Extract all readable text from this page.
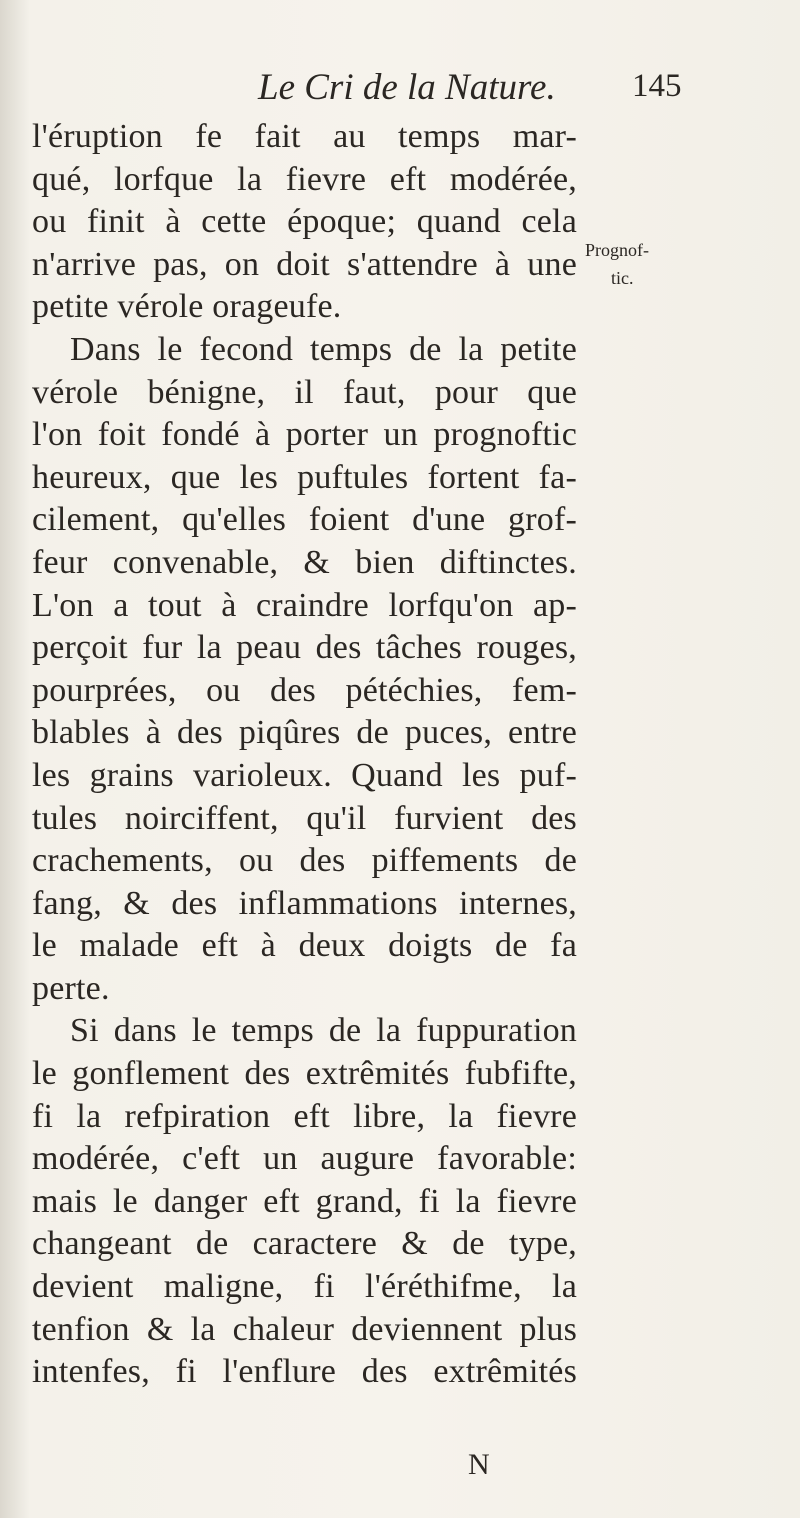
Le Cri de la Nature. 145
l'éruption fe fait au temps mar-
qué, lorfque la fievre eft modérée,
ou finit à cette époque; quand cela
n'arrive pas, on doit s'attendre à une
petite vérole orageufe.
Dans le fecond temps de la petite
vérole bénigne, il faut, pour que
l'on foit fondé à porter un prognoftic
heureux, que les puftules fortent fa-
cilement, qu'elles foient d'une grof-
feur convenable, & bien diftinctes.
L'on a tout à craindre lorfqu'on ap-
perçoit fur la peau des tâches rouges,
pourprées, ou des pétéchies, fem-
blables à des piqûres de puces, entre
les grains varioleux. Quand les puf-
tules noirciffent, qu'il furvient des
crachements, ou des piffements de
fang, & des inflammations internes,
le malade eft à deux doigts de fa
perte.
Si dans le temps de la fuppuration
le gonflement des extrêmités fubfifte,
fi la refpiration eft libre, la fievre
modérée, c'eft un augure favorable:
mais le danger eft grand, fi la fievre
changeant de caractere & de type,
devient maligne, fi l'éréthifme, la
tenfion & la chaleur deviennent plus
intenfes, fi l'enflure des extrêmités
Prognof-
tic.
N
